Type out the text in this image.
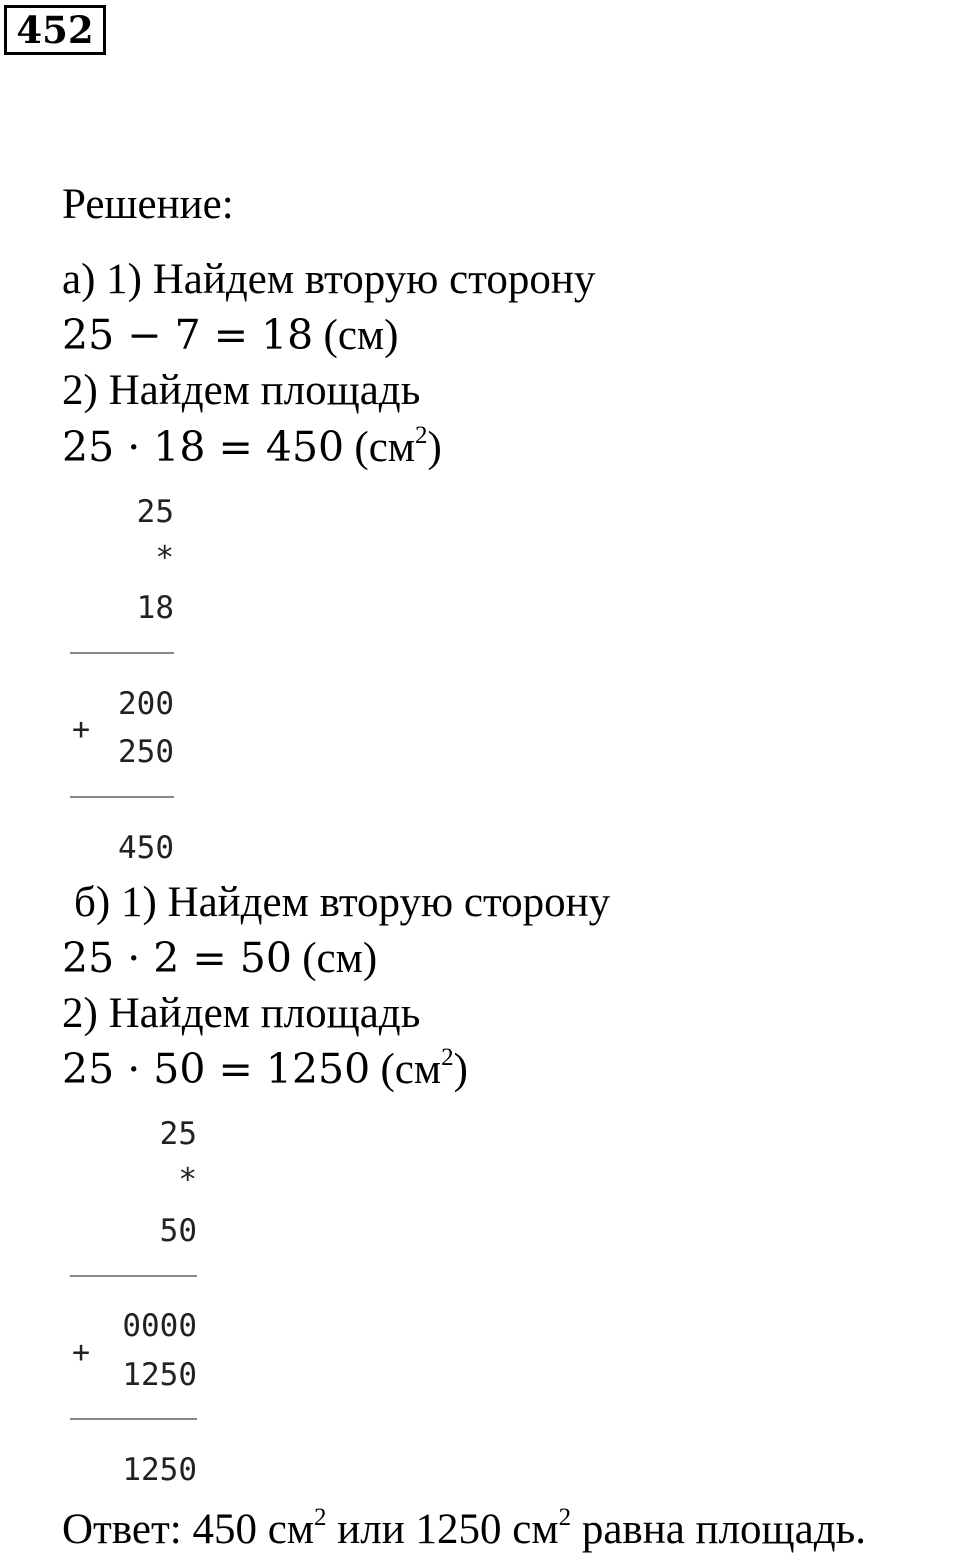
452
Решение:
а) 1) Найдем вторую сторону
25 − 7 = 18 (см)
2) Найдем площадь
25 · 18 = 450 $(см^2)$
25
*
18
200
+
250
450
б) 1) Найдем вторую сторону
25 · 2 = 50 (см)
2) Найдем площадь
25 · 50 = 1250 $(см^2)$
25
*
50
0000
+
1250
1250
Ответ: 450 $см^2$ или 1250 $см^2$ равна площадь.
